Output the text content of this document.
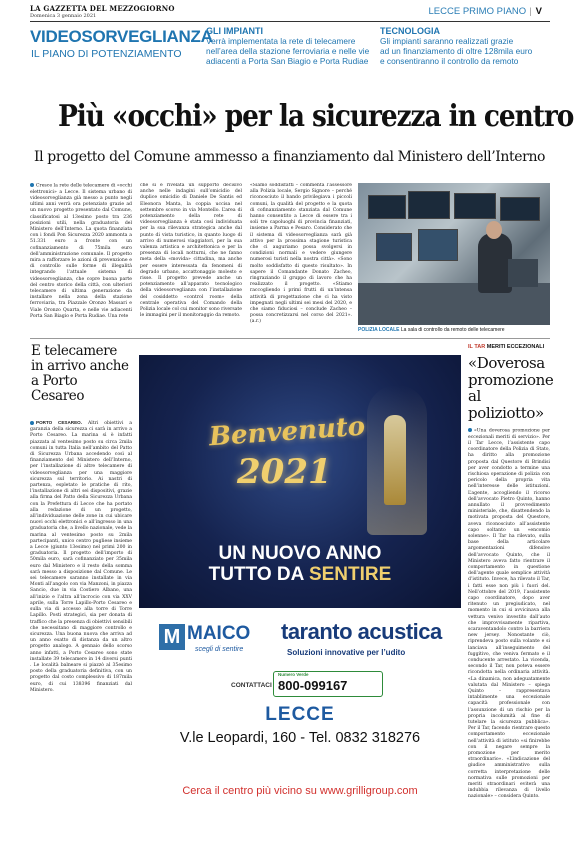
LA GAZZETTA DEL MEZZOGIORNO
Domenica 3 gennaio 2021	LECCE PRIMO PIANO | V
VIDEOSORVEGLIANZA
IL PIANO DI POTENZIAMENTO
GLI IMPIANTI
Verrà implementata la rete di telecamere
nell’area della stazione ferroviaria e nelle vie
adiacenti a Porta San Biagio e Porta Rudiae
TECNOLOGIA
Gli impianti saranno realizzati grazie
ad un finanziamento di oltre 128mila euro
e consentiranno il controllo da remoto
Più «occhi» per la sicurezza in centro
Il progetto del Comune ammesso a finanziamento dal Ministero dell’Interno
Cresce la rete delle telecamere di «occhi elettronici» a Lecce. Il sistema urbano di videosorveglianza già messo a punto negli ultimi anni verrà ora potenziato grazie ad un nuovo progetto presentato dal Comune, classificatosi al 13esimo posto tra 236 posizioni utili, nella graduatoria del Ministero dell’Interno. La quota finanziata con i fondi Pon Sicurezza 2020 ammonta a 51.331 euro a fronte con un cofinanziamento di 75mila euro dell’amministrazione comunale. Il progetto mira a rafforzare le azioni di prevenzione e di controllo sulle forme di illegalità integrando l’attuale sistema di videosorveglianza, che copre buona parte del centro storico della città, con ulteriori telecamere di ultima generazione da installare nella zona della stazione ferroviaria, tra Piazzale Oronzo Massari e Viale Oronzo Quarta, e nelle vie adiacenti Porta San Biagio e Porta Rudiae. Una rete
che si è rivelata un supporto decisivo anche nelle indagini sull’omicidio del duplice omicidio di Daniele De Santis ed Eleonora Manta, la coppia uccisa nel settembre scorso in via Montello. L’area di potenziamento della rete di videosorveglianza è stata così individuata per la sua rilevanza strategica anche dal punto di vista turistico, in quanto luogo di arrivo di numerosi viaggiatori, per la sua valenza artistica e architettonica e per la presenza di locali notturni, che ne fanno meta della «movida» cittadina, ma anche per essere interessata da fenomeni di degrado urbano, accattonaggio molesto e risse. Il progetto prevede anche un potenziamento all’apparato tecnologico della videosorveglianza con l’installazione del cosiddetto «control room» della centrale operativa del Comando della Polizia locale col cui monitor sono riversate le immagini per il monitoraggio da remoto.
«Siamo soddisfatti – commenta l’assessore alla Polizia locale, Sergio Signore – perché riconosciuto il bando privilegiava i piccoli comuni, la qualità del progetto e la quota di cofinanziamento stanziata dal Comune hanno consentito a Lecce di essere tra i soli tre capoluoghi di provincia finanziati, insieme a Parma e Pesaro. Considerato che il sistema di videosorveglianza sarà già attivo per la prossima stagione turistica che ci auguriamo possa svolgersi in condizioni normali e vedere giungere numerosi turisti nella nostra città». «Sono molto soddisfatto di questo risultato». In sapere il Comandante Donato Zacheo, ringraziando il gruppo di lavoro che ha realizzato il progetto. «Stiamo raccogliendo i primi frutti di un’intensa attività di progettazione che ci ha visto impegnati negli ultimi sei mesi del 2020, e che siamo fiduciosi – conclude Zacheo – possa concretizzarsi nel corso del 2021». (a.r.)
POLIZIA LOCALE La sala di controllo da remoto delle telecamere
E telecamere in arrivo anche a Porto Cesareo
PORTO CESAREO. Altri obiettivi a garanzia della sicurezza ci sarà in arrivo a Porto Cesareo. La marina sì è infatti piazzata al ventesimo posto su circa 2mila comuni in tutta Italia nell’ambito del Patto di Sicurezza Urbana accedendo così al finanziamento del Ministero dell’Interno, per l’installazione di altre telecamere di videosorveglianza per una maggiore sicurezza sul territorio. Ai nastri di partenza, espletato le pratiche di rito, l’installazione di altri sei dispositivi, grazie alla firma del Patto della Sicurezza Urbana con la Prefettura di Lecce che ha portato alla redazione di un progetto, all’individuazione delle zone in cui ubicare nuovi occhi elettronici e all’ingresso in una graduatoria che, a livello nazionale, vede la marina al ventesimo posto su 2mila partecipanti, unico centro pugliese insieme a Lecce (giunto 13esimo) nel primi 200 in graduatoria. Il progetto dell’importo di 50mila euro, sarà cofinanziato per 35mila euro dal Ministero e il resto della somma sarà messo a disposizione dal Comune. Le sei telecamere saranno installate in via Monti all’angolo con via Manzoni, in piazza Sancio, due in via Costiero Albano, una all’inizio e l’altra all’incrocio con via XXV aprile, sulla Torre Lapillo-Porto Cesareo e sulla via di accesso alla torre di Torre Lapillo. Posti strategici, sia per donata di traffico che la presenza di obiettivi sensibili che necessitano di maggiore controllo e sicurezza. Una buona nuova che arriva ad un anno esatto di distanza da un altro progetto analogo. A gennaio dello scorso anno infatti, a Porto Cesareo sono state installate 39 telecamere in 14 diversi punti . Le località balneare si piazzò al 35esimo posto della graduatoria definitiva, con un progetto dal costo complessivo di 187mila euro, di cui 138396 finanziati dal Ministero.
IL TAR MERITI ECCEZIONALI
«Doverosa promozione al poliziotto»
«Una doverosa promozione per eccezionali meriti di servizio». Per il Tar Lecce, l’assistente capo coordinatore della Polizia di Stato, ha diritto alla promozione proposta dal Questore di Brindisi per aver condotto a termine una rischiosa operazione di polizia con pericolo della propria vita nell’interesse delle istituzioni. L’agente, accogliendo il ricorso dell’avvocato Pietro Quinto, hanno annullato il provvedimento ministeriale, che, disattendendo la motivata proposta del Questore, aveva riconosciuto all’assistente capo soltanto un «encomio solenne». Il Tar ha rilevato, sulla base della articolare argomentazioni difensive dell’avvocato Quinto, che il Ministero aveva fatto rientrare il comportamento in questione dell’agente quale semplice attività d’istituto. Invece, ha rilevato il Tar, i fatti esse non più i fuori del. Nell’ottobre del 2019, l’assistente capo coordinatore, dopo aver ritenuto un pregiudicato, nel momento in cui si avvicinava alla vettura venivo investito dall’auto che improvvisamente ripartiva, scaraventandolo contro la barriera new jersey. Nonostante ciò, riprendeva posto sulla volante e si lanciava all’inseguimento del fuggitivo, che veniva fermato e il conducente arrestato. La vicenda, secondo il Tar, non poteva essere ricondotta nella ordinaria attività. «La dinamica, non adeguatamente valutata dal Ministero – spiega Quinto – rappresentava intablimente una eccezionale capacità professionale con l’assunzione di un rischio per la propria incolumità al fine di tutelare la sicurezza pubblica». Per il Tar, facendo rientrare questo comportamento eccezionale nell’attività di istituto «si finirebbe con il negare sempre la promozione per merito straordinario». «L’indicazione del giudice amministrativo sulla corretta interpretazione delle normativa sulle promozioni per meriti straordinari eviterà una indubbia rilevanza di livello nazionale» – considera Quinto.
Benvenuto
2021
UN NUOVO ANNO
TUTTO DA SENTIRE
M MAICO
scegli di sentire
taranto acustica
Soluzioni innovative per l’udito
CONTATTACI
Numero Verde
800-099167
LECCE
V.le Leopardi, 160 - Tel. 0832 318276
Cerca il centro più vicino su www.grilligroup.com
